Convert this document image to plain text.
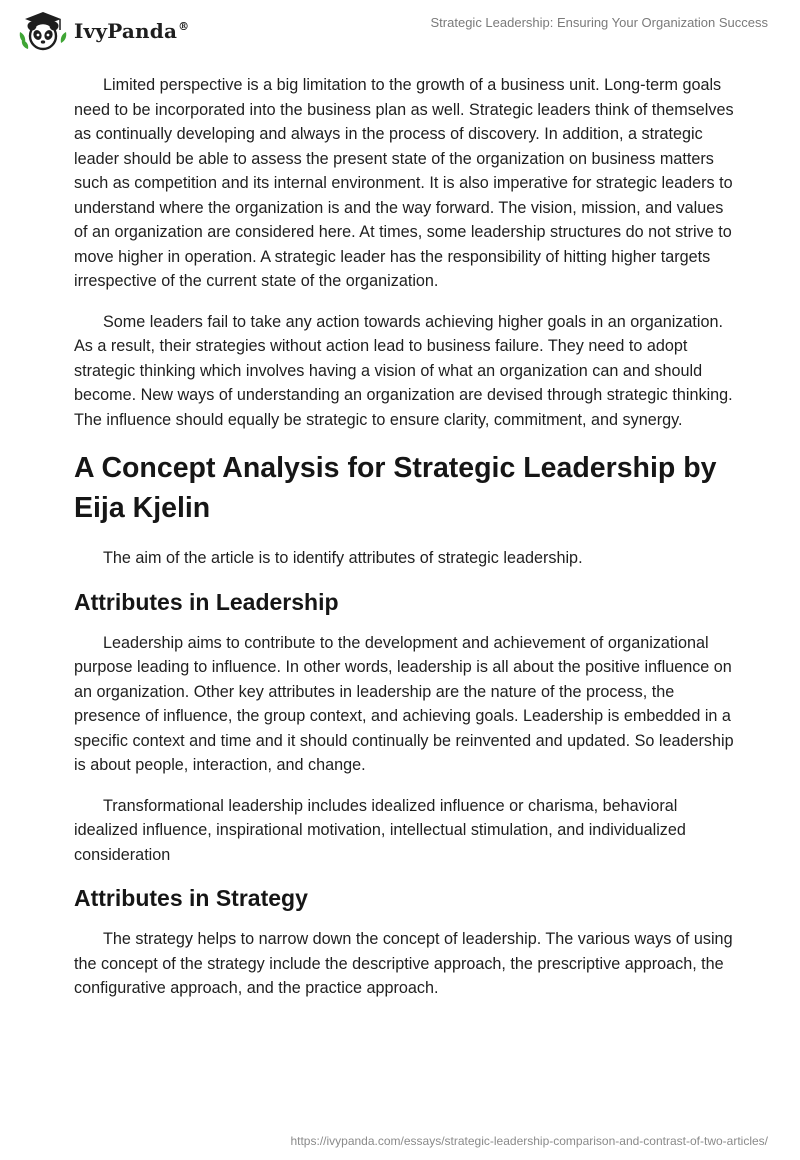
IvyPanda®	Strategic Leadership: Ensuring Your Organization Success

Limited perspective is a big limitation to the growth of a business unit. Long-term goals need to be incorporated into the business plan as well. Strategic leaders think of themselves as continually developing and always in the process of discovery. In addition, a strategic leader should be able to assess the present state of the organization on business matters such as competition and its internal environment. It is also imperative for strategic leaders to understand where the organization is and the way forward. The vision, mission, and values of an organization are considered here. At times, some leadership structures do not strive to move higher in operation. A strategic leader has the responsibility of hitting higher targets irrespective of the current state of the organization.

Some leaders fail to take any action towards achieving higher goals in an organization. As a result, their strategies without action lead to business failure. They need to adopt strategic thinking which involves having a vision of what an organization can and should become. New ways of understanding an organization are devised through strategic thinking. The influence should equally be strategic to ensure clarity, commitment, and synergy.

A Concept Analysis for Strategic Leadership by Eija Kjelin

The aim of the article is to identify attributes of strategic leadership.

Attributes in Leadership

Leadership aims to contribute to the development and achievement of organizational purpose leading to influence. In other words, leadership is all about the positive influence on an organization. Other key attributes in leadership are the nature of the process, the presence of influence, the group context, and achieving goals. Leadership is embedded in a specific context and time and it should continually be reinvented and updated. So leadership is about people, interaction, and change.

Transformational leadership includes idealized influence or charisma, behavioral idealized influence, inspirational motivation, intellectual stimulation, and individualized consideration

Attributes in Strategy

The strategy helps to narrow down the concept of leadership. The various ways of using the concept of the strategy include the descriptive approach, the prescriptive approach, the configurative approach, and the practice approach.

https://ivypanda.com/essays/strategic-leadership-comparison-and-contrast-of-two-articles/
